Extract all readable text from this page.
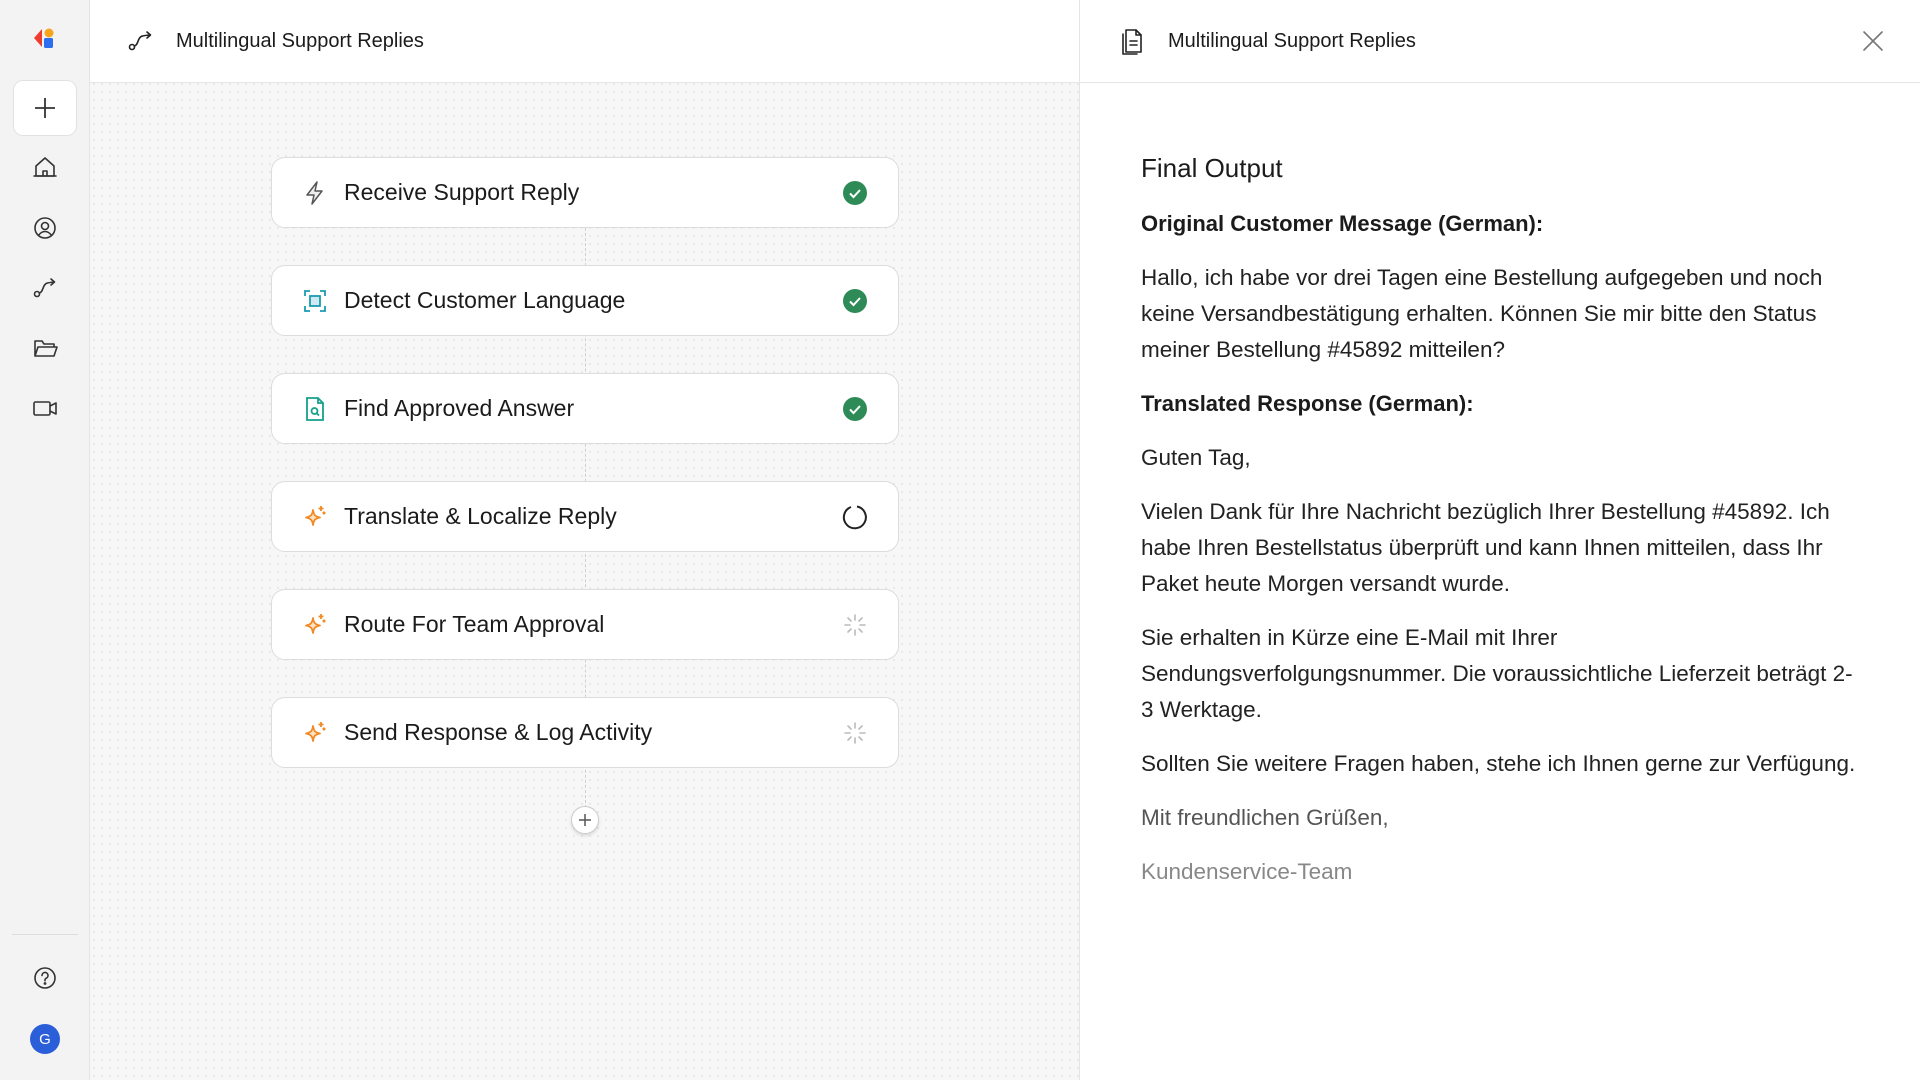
G
Multilingual Support Replies
Receive Support Reply
Detect Customer Language
Find Approved Answer
Translate & Localize Reply
Route For Team Approval
Send Response & Log Activity
Multilingual Support Replies
Final Output
Original Customer Message (German):

Hallo, ich habe vor drei Tagen eine Bestellung aufgegeben und noch keine Versandbestätigung erhalten. Können Sie mir bitte den Status meiner Bestellung #45892 mitteilen?

Translated Response (German):

Guten Tag,

Vielen Dank für Ihre Nachricht bezüglich Ihrer Bestellung #45892. Ich habe Ihren Bestellstatus überprüft und kann Ihnen mitteilen, dass Ihr Paket heute Morgen versandt wurde.

Sie erhalten in Kürze eine E-Mail mit Ihrer Sendungsverfolgungsnummer. Die voraussichtliche Lieferzeit beträgt 2-3 Werktage.

Sollten Sie weitere Fragen haben, stehe ich Ihnen gerne zur Verfügung.

Mit freundlichen Grüßen,

Kundenservice-Team
